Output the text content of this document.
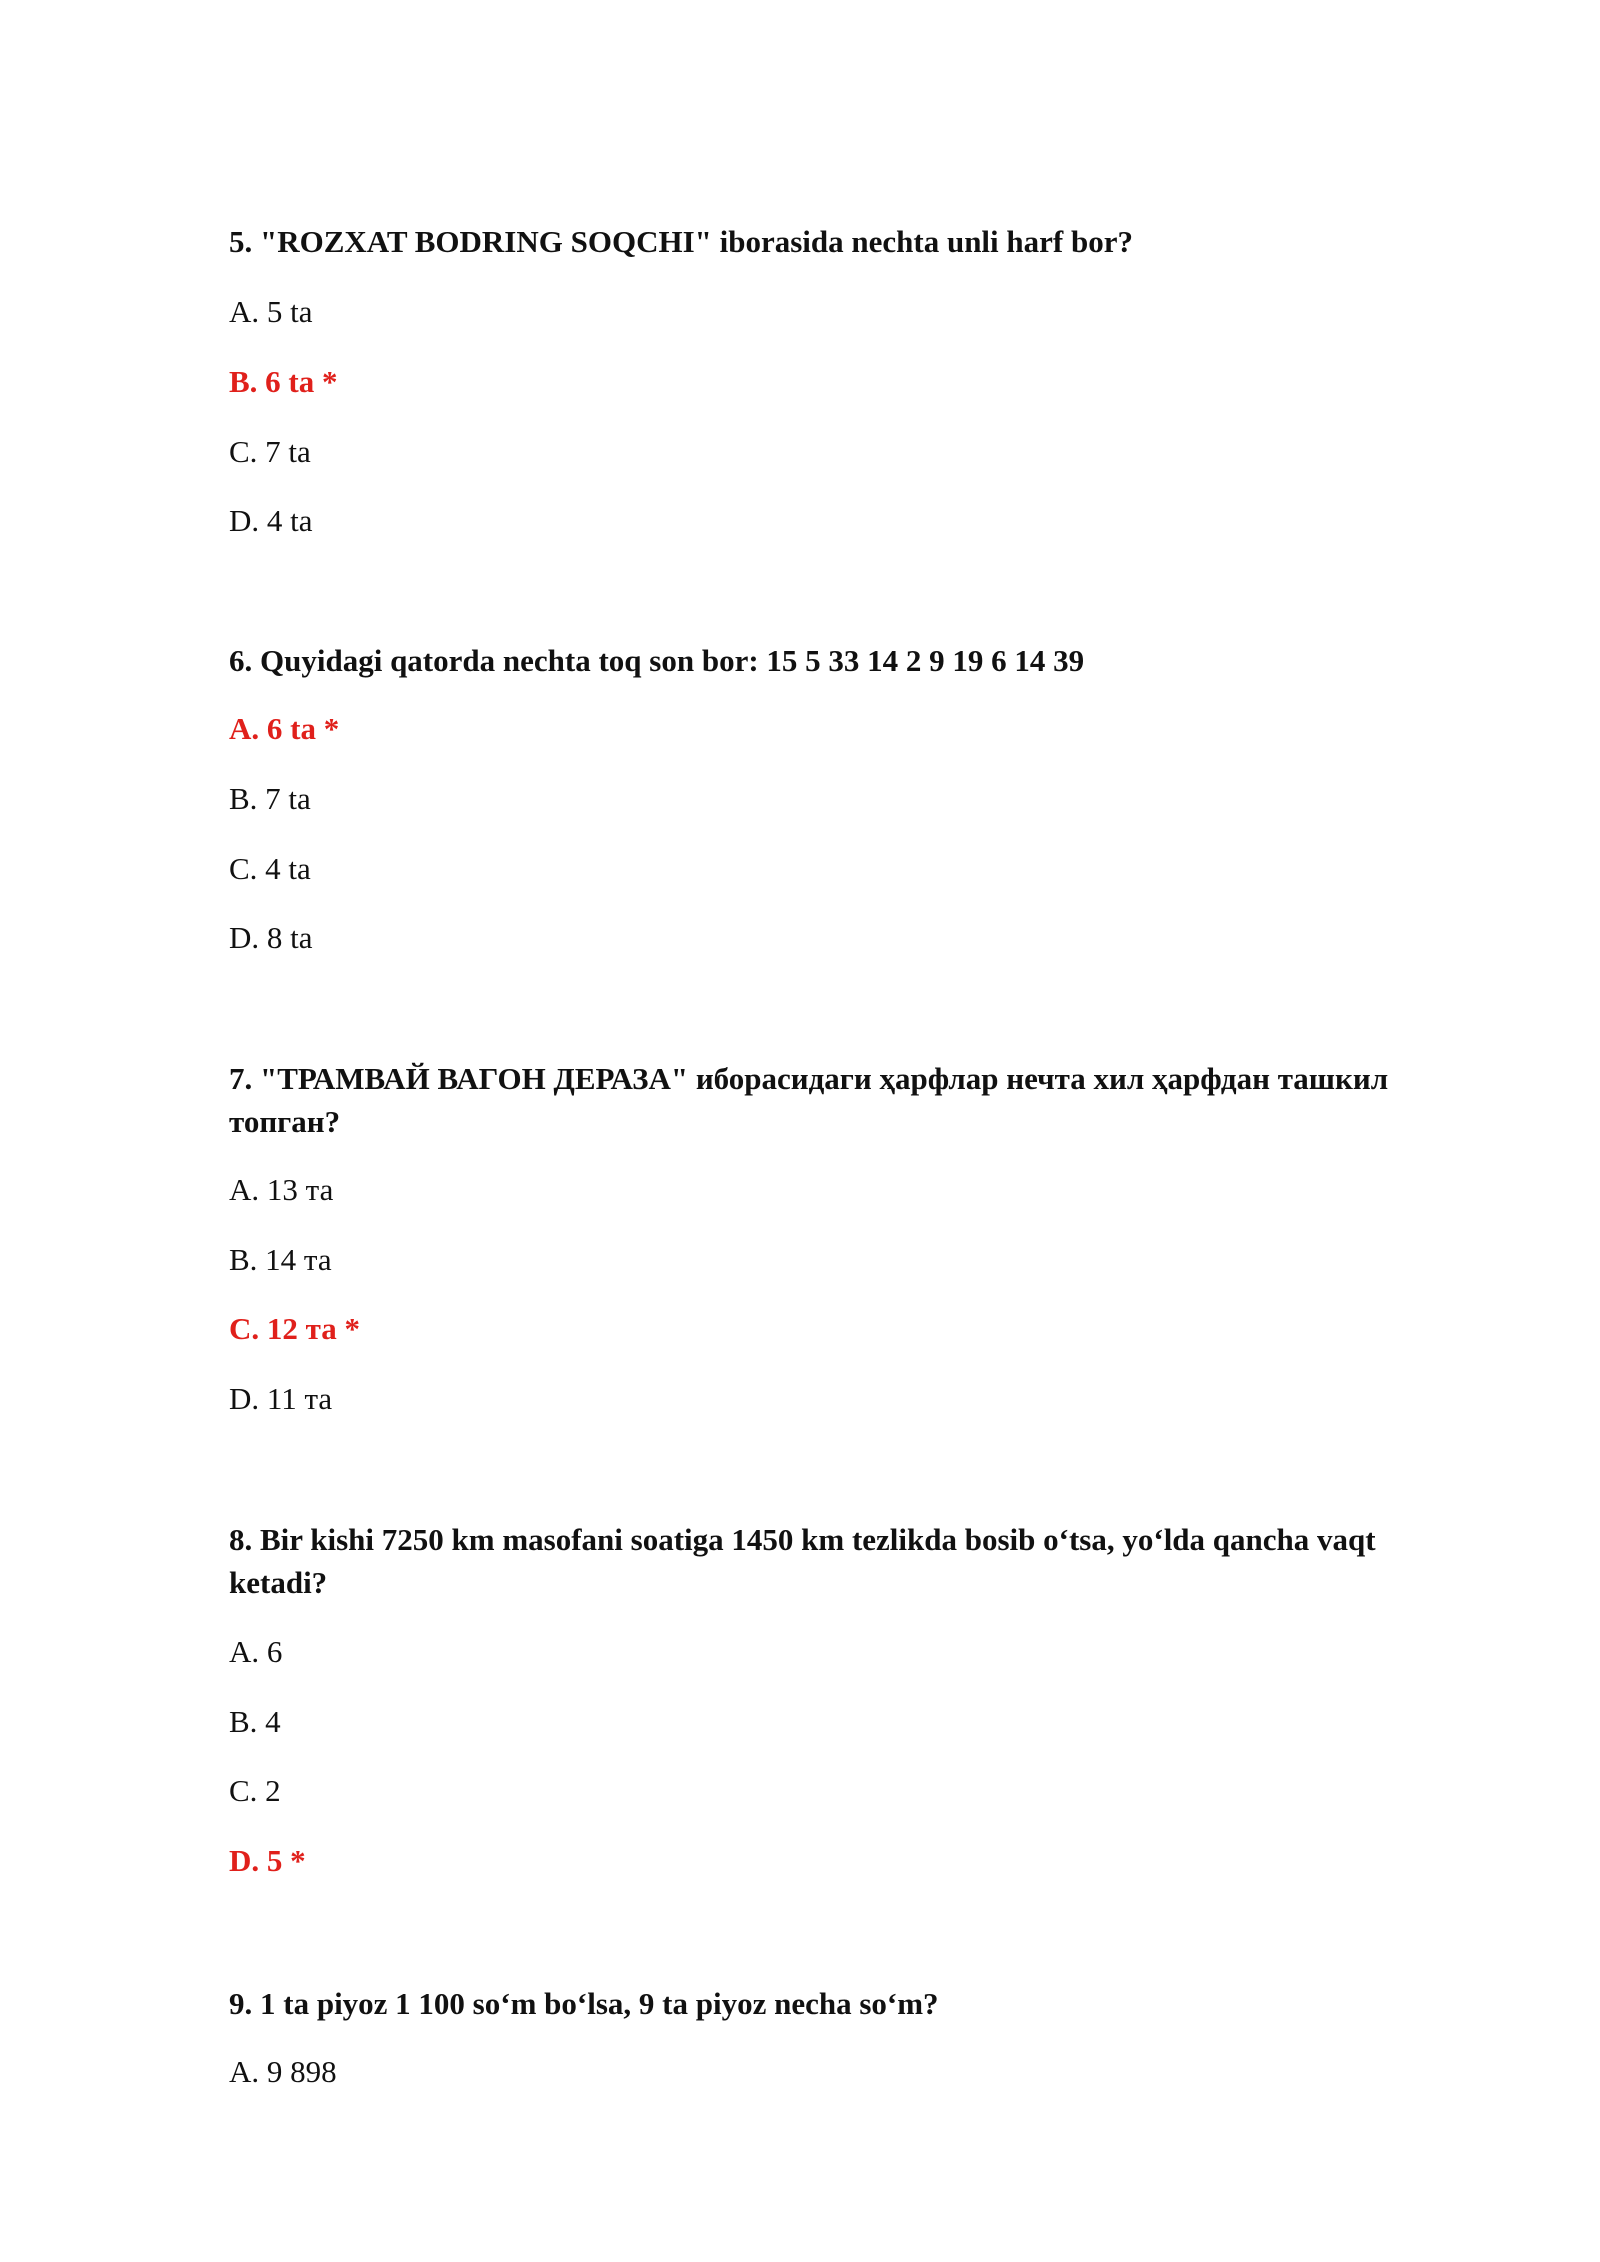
5. "ROZXAT BODRING SOQCHI" iborasida nechta unli harf bor?

A. 5 ta

B. 6 ta *

C. 7 ta

D. 4 ta

6. Quyidagi qatorda nechta toq son bor: 15 5 33 14 2 9 19 6 14 39

A. 6 ta *

B. 7 ta

C. 4 ta

D. 8 ta

7. "ТРАМВАЙ ВАГОН ДЕРАЗА" иборасидаги ҳарфлар нечта хил ҳарфдан ташкил топган?

A. 13 та

B. 14 та

C. 12 та *

D. 11 та

8. Bir kishi 7250 km masofani soatiga 1450 km tezlikda bosib o‘tsa, yo‘lda qancha vaqt ketadi?

A. 6

B. 4

C. 2

D. 5 *

9. 1 ta piyoz 1 100 so‘m bo‘lsa, 9 ta piyoz necha so‘m?

A. 9 898
